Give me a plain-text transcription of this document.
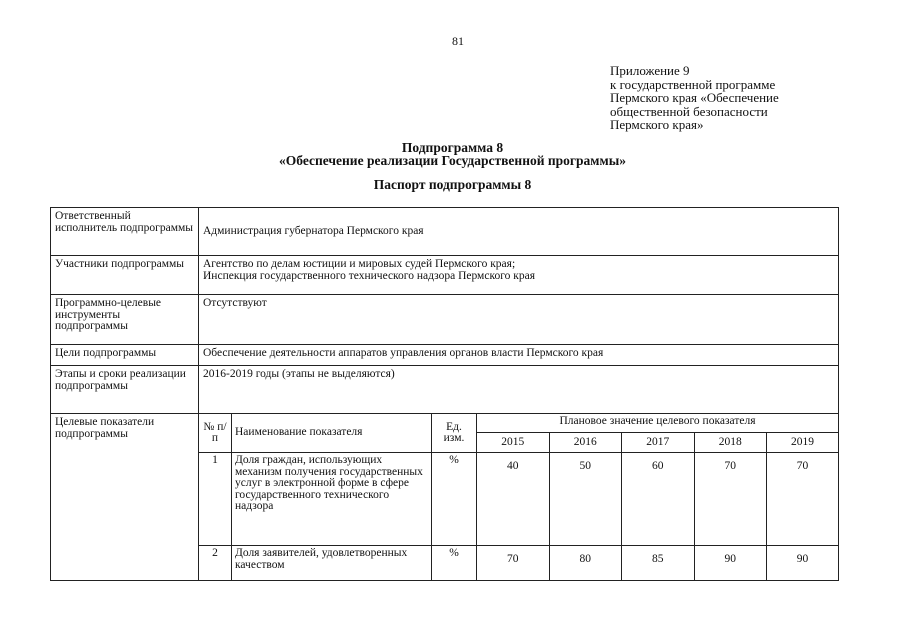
81
Приложение 9
к государственной программе
Пермского края «Обеспечение
общественной безопасности
Пермского края»
Подпрограмма 8
«Обеспечение реализации Государственной программы»
Паспорт подпрограммы 8
Ответственный исполнитель подпрограммы	Администрация губернатора Пермского края
Участники подпрограммы	Агентство по делам юстиции и мировых судей Пермского края;
Инспекция государственного технического надзора Пермского края

Программно-целевые инструменты подпрограммы	Отсутствуют
Цели подпрограммы	Обеспечение деятельности аппаратов управления органов власти Пермского края
Этапы и сроки реализации подпрограммы	2016-2019 годы (этапы не выделяются)
Целевые показатели подпрограммы	
№ п/п	Наименование показателя	Ед. изм.	Плановое значение целевого показателя
2015	2016	2017	2018	2019
1	Доля граждан, использующих механизм получения государственных услуг в электронной форме в сфере государственного технического надзора	%	40	50	60	70	70
2	Доля заявителей, удовлетворенных качеством	%	70	80	85	90	90
